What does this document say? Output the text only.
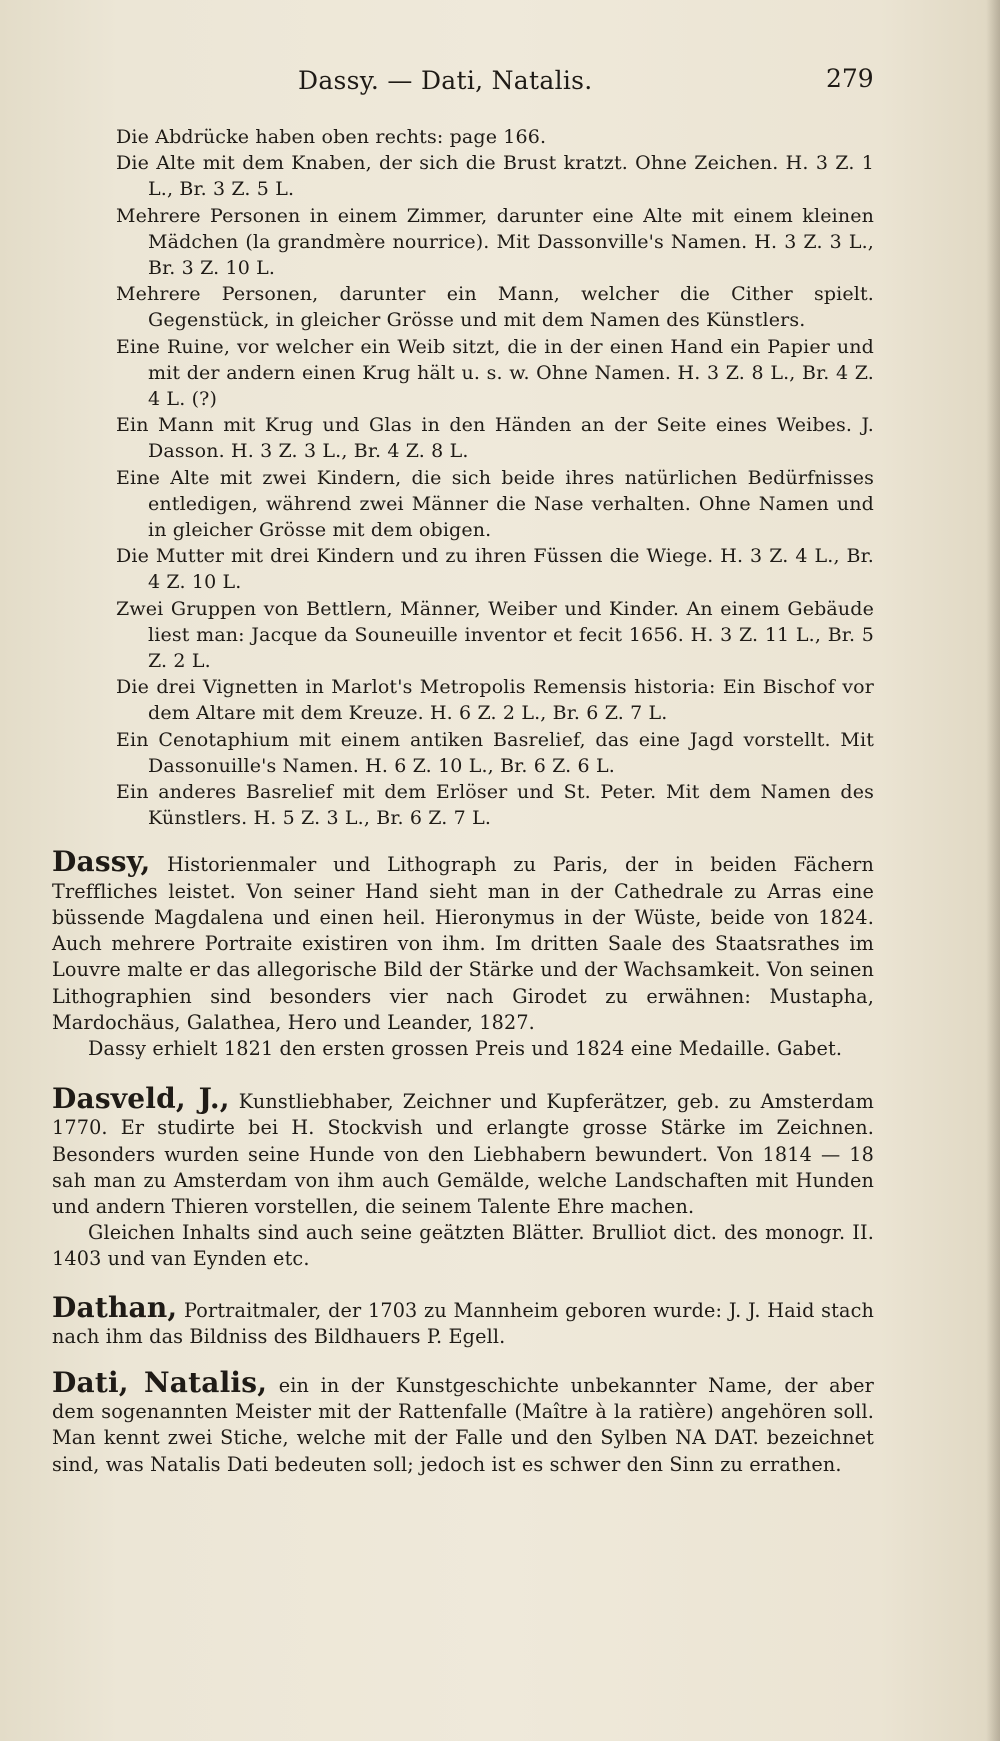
Dassy. — Dati, Natalis.	279

Die Abdrücke haben oben rechts: page 166.

Die Alte mit dem Knaben, der sich die Brust kratzt. Ohne Zeichen. H. 3 Z. 1 L., Br. 3 Z. 5 L.

Mehrere Personen in einem Zimmer, darunter eine Alte mit einem kleinen Mädchen (la grandmère nourrice). Mit Dassonville's Namen. H. 3 Z. 3 L., Br. 3 Z. 10 L.

Mehrere Personen, darunter ein Mann, welcher die Cither spielt. Gegenstück, in gleicher Grösse und mit dem Namen des Künstlers.

Eine Ruine, vor welcher ein Weib sitzt, die in der einen Hand ein Papier und mit der andern einen Krug hält u. s. w. Ohne Namen. H. 3 Z. 8 L., Br. 4 Z. 4 L. (?)

Ein Mann mit Krug und Glas in den Händen an der Seite eines Weibes. J. Dasson. H. 3 Z. 3 L., Br. 4 Z. 8 L.

Eine Alte mit zwei Kindern, die sich beide ihres natürlichen Bedürfnisses entledigen, während zwei Männer die Nase verhalten. Ohne Namen und in gleicher Grösse mit dem obigen.

Die Mutter mit drei Kindern und zu ihren Füssen die Wiege. H. 3 Z. 4 L., Br. 4 Z. 10 L.

Zwei Gruppen von Bettlern, Männer, Weiber und Kinder. An einem Gebäude liest man: Jacque da Souneuille inventor et fecit 1656. H. 3 Z. 11 L., Br. 5 Z. 2 L.

Die drei Vignetten in Marlot's Metropolis Remensis historia: Ein Bischof vor dem Altare mit dem Kreuze. H. 6 Z. 2 L., Br. 6 Z. 7 L.

Ein Cenotaphium mit einem antiken Basrelief, das eine Jagd vorstellt. Mit Dassonuille's Namen. H. 6 Z. 10 L., Br. 6 Z. 6 L.

Ein anderes Basrelief mit dem Erlöser und St. Peter. Mit dem Namen des Künstlers. H. 5 Z. 3 L., Br. 6 Z. 7 L.

Dassy, Historienmaler und Lithograph zu Paris, der in beiden Fächern Treffliches leistet. Von seiner Hand sieht man in der Cathedrale zu Arras eine büssende Magdalena und einen heil. Hieronymus in der Wüste, beide von 1824. Auch mehrere Portraite existiren von ihm. Im dritten Saale des Staatsrathes im Louvre malte er das allegorische Bild der Stärke und der Wachsamkeit. Von seinen Lithographien sind besonders vier nach Girodet zu erwähnen: Mustapha, Mardochäus, Galathea, Hero und Leander, 1827.

Dassy erhielt 1821 den ersten grossen Preis und 1824 eine Medaille. Gabet.

Dasveld, J., Kunstliebhaber, Zeichner und Kupferätzer, geb. zu Amsterdam 1770. Er studirte bei H. Stockvish und erlangte grosse Stärke im Zeichnen. Besonders wurden seine Hunde von den Liebhabern bewundert. Von 1814 — 18 sah man zu Amsterdam von ihm auch Gemälde, welche Landschaften mit Hunden und andern Thieren vorstellen, die seinem Talente Ehre machen.

Gleichen Inhalts sind auch seine geätzten Blätter. Brulliot dict. des monogr. II. 1403 und van Eynden etc.

Dathan, Portraitmaler, der 1703 zu Mannheim geboren wurde: J. J. Haid stach nach ihm das Bildniss des Bildhauers P. Egell.

Dati, Natalis, ein in der Kunstgeschichte unbekannter Name, der aber dem sogenannten Meister mit der Rattenfalle (Maître à la ratière) angehören soll. Man kennt zwei Stiche, welche mit der Falle und den Sylben NA DAT. bezeichnet sind, was Natalis Dati bedeuten soll; jedoch ist es schwer den Sinn zu errathen.
